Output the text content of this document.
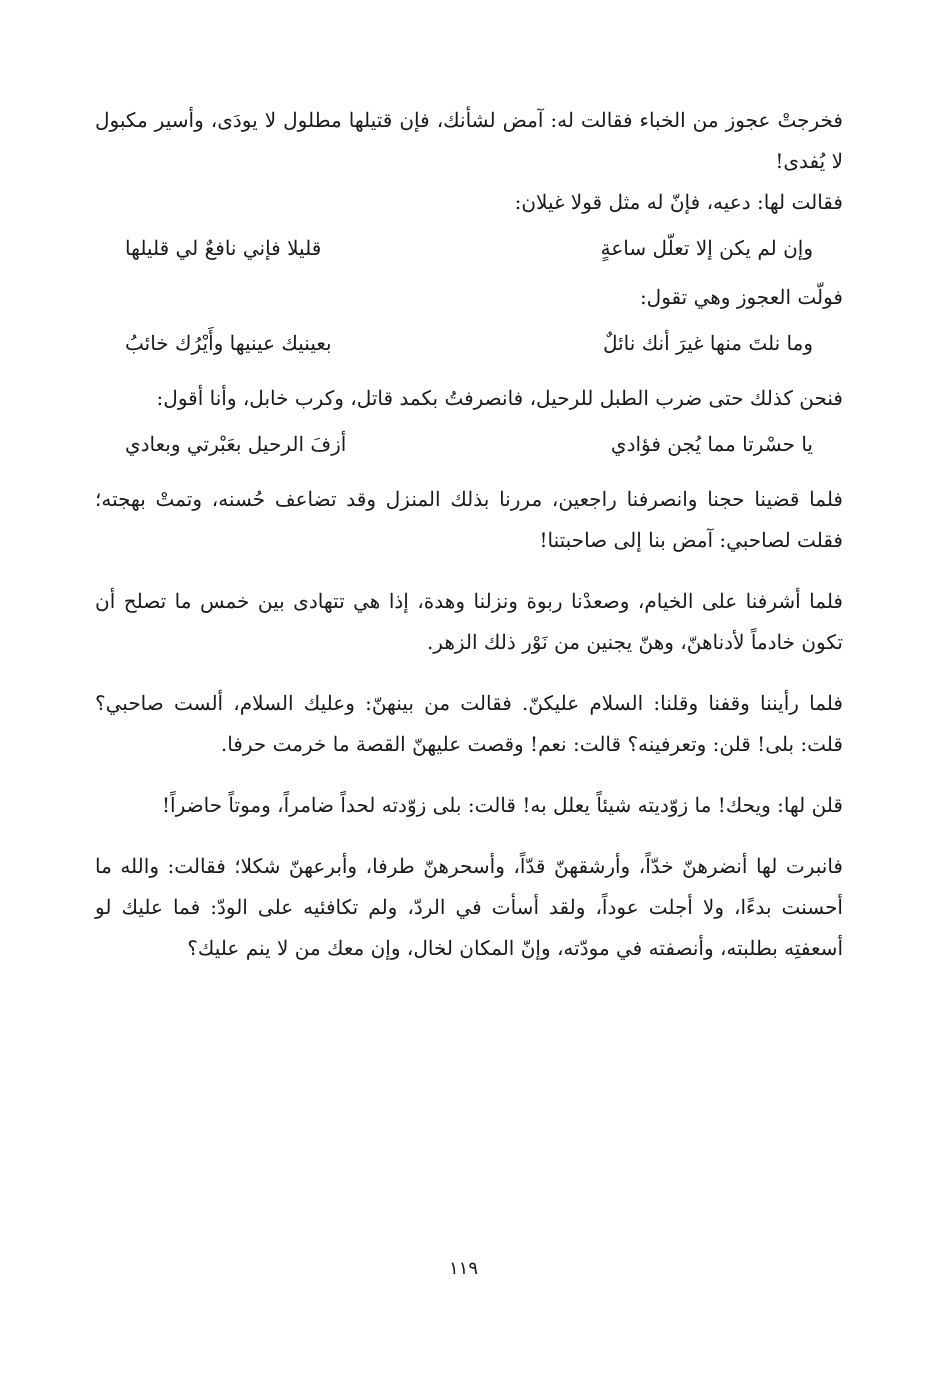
فخرجتْ عجوز من الخباء فقالت له: آمض لشأنك، فإن قتيلها مطلول لا يودَى، وأسير مكبول لا يُفدى!

فقالت لها: دعيه، فإنّ له مثل قولا غيلان:

وإن لم يكن إلا تعلّل ساعةٍ
قليلا فإني نافعٌ لي قليلها

فولّت العجوز وهي تقول:

وما نلتَ منها غيرَ أنك نائلٌ
بعينيك عينيها وأَيْرُك خائبُ

فنحن كذلك حتى ضرب الطبل للرحيل، فانصرفتُ بكمد قاتل، وكرب خابل، وأنا أقول:

يا حسْرتا مما يُجن فؤادي
أزفَ الرحيل بعَبْرتي وبعادي

فلما قضينا حجنا وانصرفنا راجعين، مررنا بذلك المنزل وقد تضاعف حُسنه، وتمتْ بهجته؛ فقلت لصاحبي: آمض بنا إلى صاحبتنا!

فلما أشرفنا على الخيام، وصعدْنا ربوة ونزلنا وهدة، إذا هي تتهادى بين خمس ما تصلح أن تكون خادماً لأدناهنّ، وهنّ يجنين من نَوْر ذلك الزهر.

فلما رأيننا وقفنا وقلنا: السلام عليكنّ. فقالت من بينهنّ: وعليك السلام، ألست صاحبي؟ قلت: بلى! قلن: وتعرفينه؟ قالت: نعم! وقصت عليهنّ القصة ما خرمت حرفا.

قلن لها: ويحك! ما زوّديته شيئاً يعلل به! قالت: بلى زوّدته لحداً ضامراً، وموتاً حاضراً!

فانبرت لها أنضرهنّ خدّاً، وأرشقهنّ قدّاً، وأسحرهنّ طرفا، وأبرعهنّ شكلا؛ فقالت: والله ما أحسنت بدءًا، ولا أجلت عوداً، ولقد أسأت في الردّ، ولم تكافئيه على الودّ: فما عليك لو أسعفتِه بطلبته، وأنصفته في مودّته، وإنّ المكان لخال، وإن معك من لا ينم عليك؟

١١٩
